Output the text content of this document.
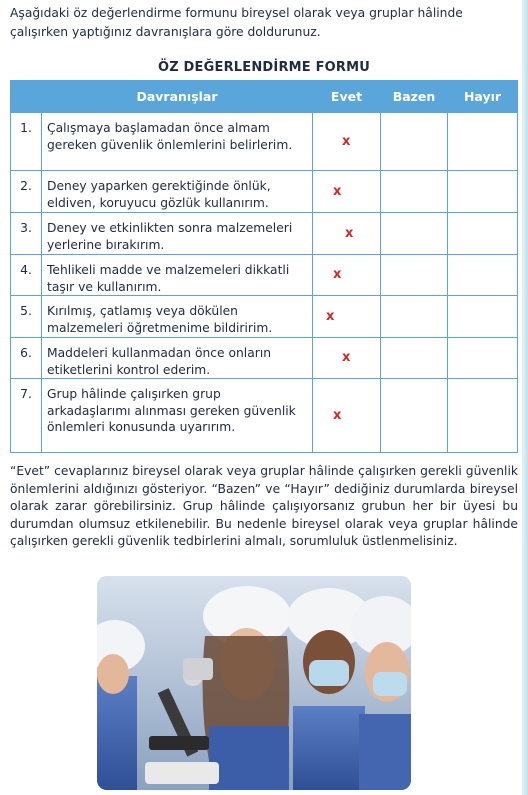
Aşağıdaki öz değerlendirme formunu bireysel olarak veya gruplar hâlinde çalışırken yaptığınız davranışlara göre doldurunuz.
ÖZ DEĞERLENDİRME FORMU
	Davranışlar	Evet	Bazen	Hayır
1.	Çalışmaya başlamadan önce almam gereken güvenlik önlemlerini belirlerim.	x		

2.	Deney yaparken gerektiğinde önlük, eldiven, koruyucu gözlük kullanırım.	x		

3.	Deney ve etkinlikten sonra malzemeleri yerlerine bırakırım.	x		

4.	Tehlikeli madde ve malzemeleri dikkatli taşır ve kullanırım.	x		

5.	Kırılmış, çatlamış veya dökülen malzemeleri öğretmenime bildiririm.	x		

6.	Maddeleri kullanmadan önce onların etiketlerini kontrol ederim.	x		

7.	Grup hâlinde çalışırken grup arkadaşlarımı alınması gereken güvenlik önlemleri konusunda uyarırım.	x		

“Evet” cevaplarınız bireysel olarak veya gruplar hâlinde çalışırken gerekli güvenlik önlemlerini aldığınızı gösteriyor. “Bazen” ve “Hayır” dediğiniz durumlarda bireysel olarak zarar görebilirsiniz. Grup hâlinde çalışıyorsanız grubun her bir üyesi bu durumdan olumsuz etkilenebilir. Bu nedenle bireysel olarak veya gruplar hâlinde çalışırken gerekli güvenlik tedbirlerini almalı, sorumluluk üstlenmelisiniz.
